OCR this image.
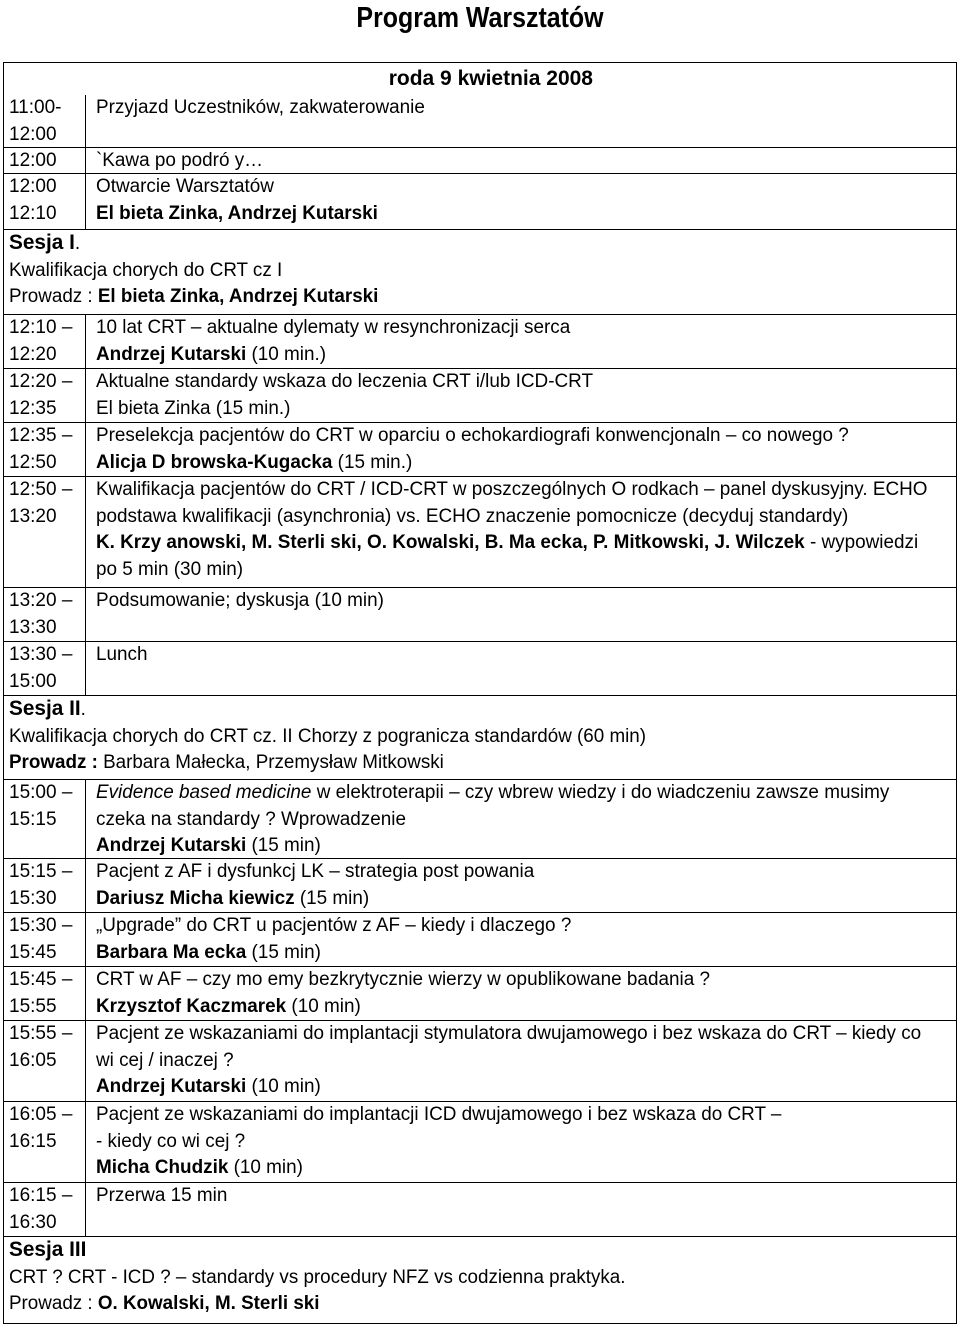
Program Warsztatów
roda 9 kwietnia 2008
11:00-
12:00
Przyjazd Uczestników, zakwaterowanie
12:00	`Kawa po podró y…
12:00
12:10
Otwarcie Warsztatów
El bieta Zinka, Andrzej Kutarski
Sesja I.
Kwalifikacja chorych do CRT cz I
Prowadz : El bieta Zinka, Andrzej Kutarski
12:10 –
12:20
10 lat CRT – aktualne dylematy w resynchronizacji serca
Andrzej Kutarski (10 min.)
12:20 –
12:35
Aktualne standardy wskaza do leczenia CRT i/lub ICD-CRT
El bieta Zinka (15 min.)
12:35 –
12:50
Preselekcja pacjentów do CRT w oparciu o echokardiografi konwencjonaln – co nowego ?
Alicja D browska-Kugacka (15 min.)
12:50 –
13:20
Kwalifikacja pacjentów do CRT / ICD-CRT w poszczególnych O rodkach – panel dyskusyjny. ECHO
podstawa kwalifikacji (asynchronia) vs. ECHO znaczenie pomocnicze (decyduj standardy)
K. Krzy anowski, M. Sterli ski, O. Kowalski, B. Ma ecka, P. Mitkowski, J. Wilczek - wypowiedzi
po 5 min (30 min)
13:20 –
13:30
Podsumowanie; dyskusja (10 min)
13:30 –
15:00
Lunch
Sesja II.
Kwalifikacja chorych do CRT cz. II Chorzy z pogranicza standardów (60 min)
Prowadz : Barbara Małecka, Przemysław Mitkowski
15:00 –
15:15
Evidence based medicine w elektroterapii – czy wbrew wiedzy i do wiadczeniu zawsze musimy
czeka na standardy ? Wprowadzenie
Andrzej Kutarski (15 min)
15:15 –
15:30
Pacjent z AF i dysfunkcj LK – strategia post powania
Dariusz Micha kiewicz (15 min)
15:30 –
15:45
„Upgrade” do CRT u pacjentów z AF – kiedy i dlaczego ?
Barbara Ma ecka (15 min)
15:45 –
15:55
CRT w AF – czy mo emy bezkrytycznie wierzy w opublikowane badania ?
Krzysztof Kaczmarek (10 min)
15:55 –
16:05
Pacjent ze wskazaniami do implantacji stymulatora dwujamowego i bez wskaza do CRT – kiedy co
wi cej / inaczej ?
Andrzej Kutarski (10 min)
16:05 –
16:15
Pacjent ze wskazaniami do implantacji ICD dwujamowego i bez wskaza do CRT –
- kiedy co wi cej ?
Micha Chudzik (10 min)
16:15 –
16:30
Przerwa 15 min
Sesja III
CRT ? CRT - ICD ? – standardy vs procedury NFZ vs codzienna praktyka.
Prowadz : O. Kowalski, M. Sterli ski
